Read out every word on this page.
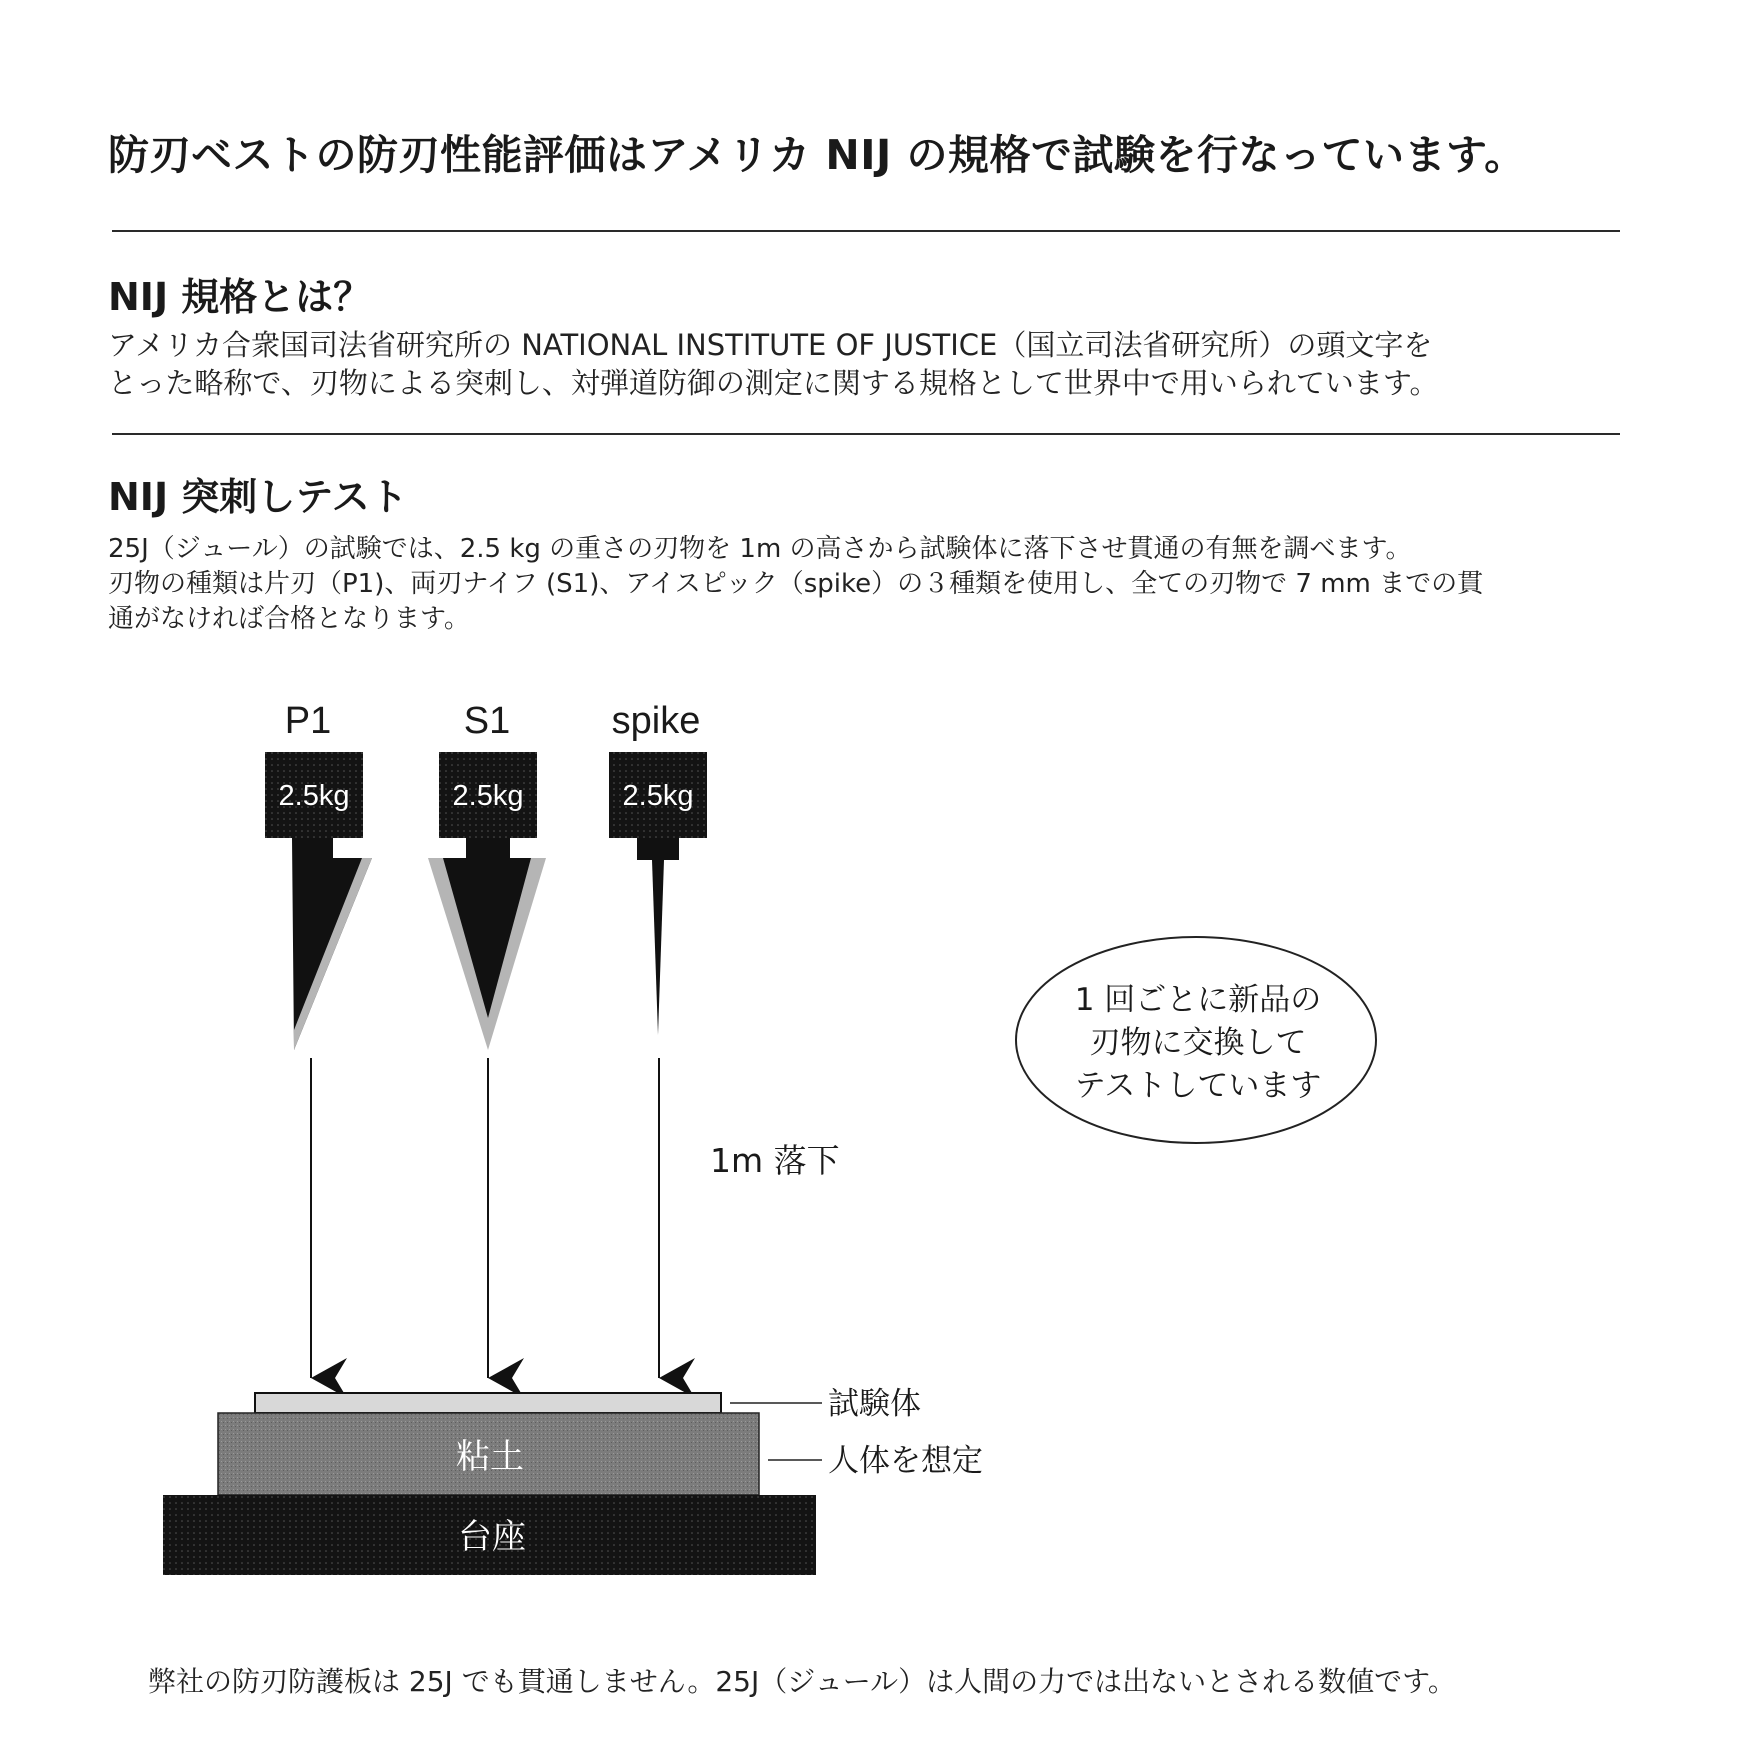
防刃ベストの防刃性能評価はアメリカ NIJ の規格で試験を行なっています。
NIJ 規格とは？

アメリカ合衆国司法省研究所の NATIONAL INSTITUTE OF JUSTICE（国立司法省研究所）の頭文字を

とった略称で、刃物による突刺し、対弾道防御の測定に関する規格として世界中で用いられています。

NIJ 突刺しテスト

25J（ジュール）の試験では、2.5 kg の重さの刃物を 1m の高さから試験体に落下させ貫通の有無を調べます。

刃物の種類は片刃（P1)、両刃ナイフ (S1)、アイスピック（spike）の３種類を使用し、全ての刃物で 7 mm までの貫

通がなければ合格となります。

P1
2.5kg
S1
2.5kg
spike
2.5kg
1m 落下
1 回ごとに新品の
刃物に交換して
テストしています
粘土
台座
試験体
人体を想定
弊社の防刃防護板は 25J でも貫通しません。25J（ジュール）は人間の力では出ないとされる数値です。
